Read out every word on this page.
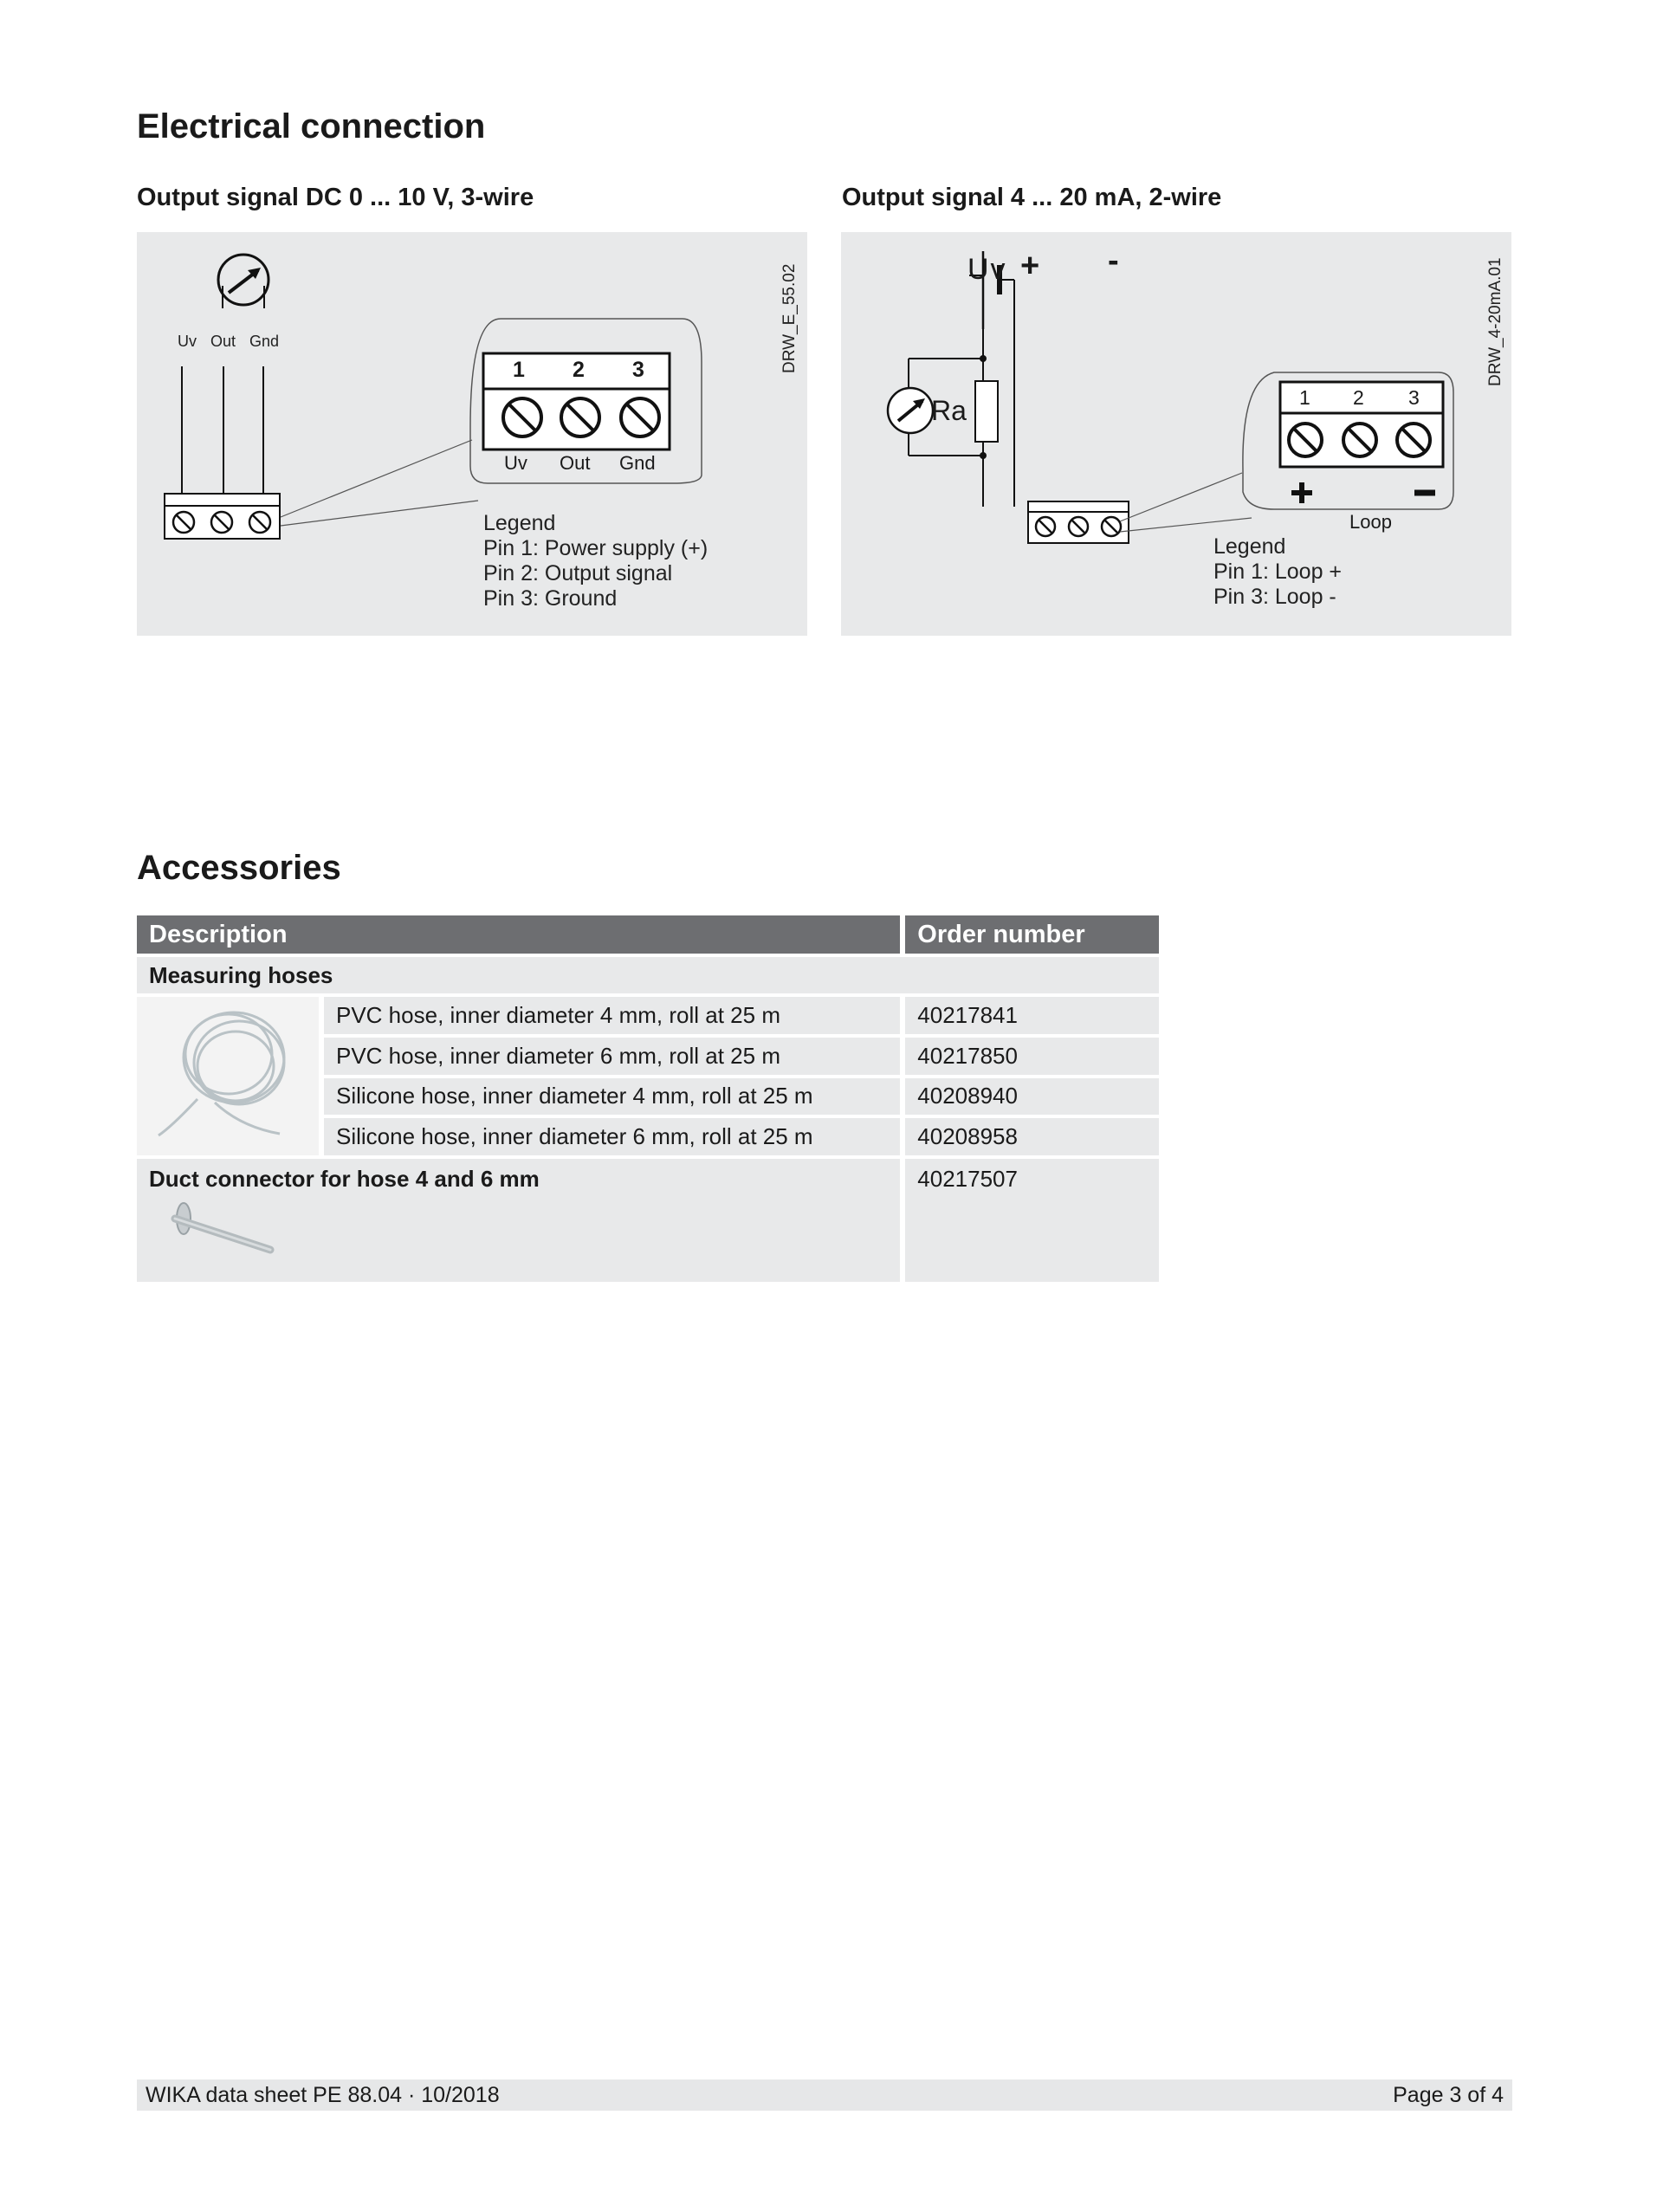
Electrical connection
Output signal DC 0 ... 10 V, 3-wire	Output signal 4 ... 20 mA, 2-wire
Uv Out Gnd
1 2 3
Uv Out Gnd
Legend
Pin 1: Power supply (+)
Pin 2: Output signal
Pin 3: Ground
DRW_E_55.02	Uv + -
Ra	1 2 3
Loop
Legend
Pin 1: Loop +
Pin 3: Loop -
DRW_4-20mA.01
Accessories
Description		Order number
Measuring hoses		
	PVC hose, inner diameter 4 mm, roll at 25 m	40217841
	PVC hose, inner diameter 6 mm, roll at 25 m	40217850
	Silicone hose, inner diameter 4 mm, roll at 25 m	40208940
	Silicone hose, inner diameter 6 mm, roll at 25 m	40208958

Duct connector for hose 4 and 6 mm		40217507
WIKA data sheet PE 88.04 · 10/2018	Page 3 of 4
